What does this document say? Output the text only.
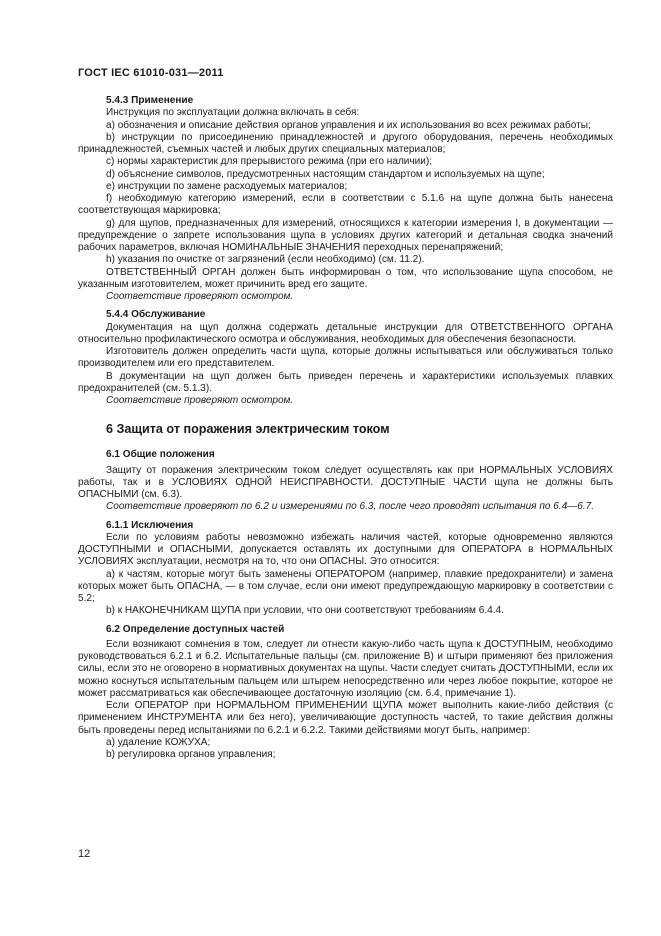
ГОСТ IEC 61010-031—2011
5.4.3 Применение
Инструкция по эксплуатации должна включать в себя:
a) обозначения и описание действия органов управления и их использования во всех режимах работы;
b) инструкции по присоединению принадлежностей и другого оборудования, перечень необходимых принадлежностей, съемных частей и любых других специальных материалов;
c) нормы характеристик для прерывистого режима (при его наличии);
d) объяснение символов, предусмотренных настоящим стандартом и используемых на щупе;
e) инструкции по замене расходуемых материалов;
f) необходимую категорию измерений, если в соответствии с 5.1.6 на щупе должна быть нанесена соответствующая маркировка;
g) для щупов, предназначенных для измерений, относящихся к категории измерения I, в документации — предупреждение о запрете использования щупа в условиях других категорий и детальная сводка значений рабочих параметров, включая НОМИНАЛЬНЫЕ ЗНАЧЕНИЯ переходных перенапряжений;
h) указания по очистке от загрязнений (если необходимо) (см. 11.2).
ОТВЕТСТВЕННЫЙ ОРГАН должен быть информирован о том, что использование щупа способом, не указанным изготовителем, может причинить вред его защите.
Соответствие проверяют осмотром.
5.4.4 Обслуживание
Документация на щуп должна содержать детальные инструкции для ОТВЕТСТВЕННОГО ОРГАНА относительно профилактического осмотра и обслуживания, необходимых для обеспечения безопасности.
Изготовитель должен определить части щупа, которые должны испытываться или обслуживаться только производителем или его представителем.
В документации на щуп должен быть приведен перечень и характеристики используемых плавких предохранителей (см. 5.1.3).
Соответствие проверяют осмотром.
6 Защита от поражения электрическим током
6.1 Общие положения
Защиту от поражения электрическим током следует осуществлять как при НОРМАЛЬНЫХ УСЛОВИЯХ работы, так и в УСЛОВИЯХ ОДНОЙ НЕИСПРАВНОСТИ. ДОСТУПНЫЕ ЧАСТИ щупа не должны быть ОПАСНЫМИ (см. 6.3).
Соответствие проверяют по 6.2 и измерениями по 6.3, после чего проводят испытания по 6.4—6.7.
6.1.1 Исключения
Если по условиям работы невозможно избежать наличия частей, которые одновременно являются ДОСТУПНЫМИ и ОПАСНЫМИ, допускается оставлять их доступными для ОПЕРАТОРА в НОРМАЛЬНЫХ УСЛОВИЯХ эксплуатации, несмотря на то, что они ОПАСНЫ. Это относится:
a) к частям, которые могут быть заменены ОПЕРАТОРОМ (например, плавкие предохранители) и замена которых может быть ОПАСНА, — в том случае, если они имеют предупреждающую маркировку в соответствии с 5.2;
b) к НАКОНЕЧНИКАМ ЩУПА при условии, что они соответствуют требованиям 6.4.4.
6.2 Определение доступных частей
Если возникают сомнения в том, следует ли отнести какую-либо часть щупа к ДОСТУПНЫМ, необходимо руководствоваться 6.2.1 и 6.2. Испытательные пальцы (см. приложение В) и штыри применяют без приложения силы, если это не оговорено в нормативных документах на щупы. Части следует считать ДОСТУПНЫМИ, если их можно коснуться испытательным пальцем или штырем непосредственно или через любое покрытие, которое не может рассматриваться как обеспечивающее достаточную изоляцию (см. 6.4, примечание 1).
Если ОПЕРАТОР при НОРМАЛЬНОМ ПРИМЕНЕНИИ ЩУПА может выполнить какие-либо действия (с применением ИНСТРУМЕНТА или без него), увеличивающие доступность частей, то такие действия должны быть проведены перед испытаниями по 6.2.1 и 6.2.2. Такими действиями могут быть, например:
a) удаление КОЖУХА;
b) регулировка органов управления;
12
